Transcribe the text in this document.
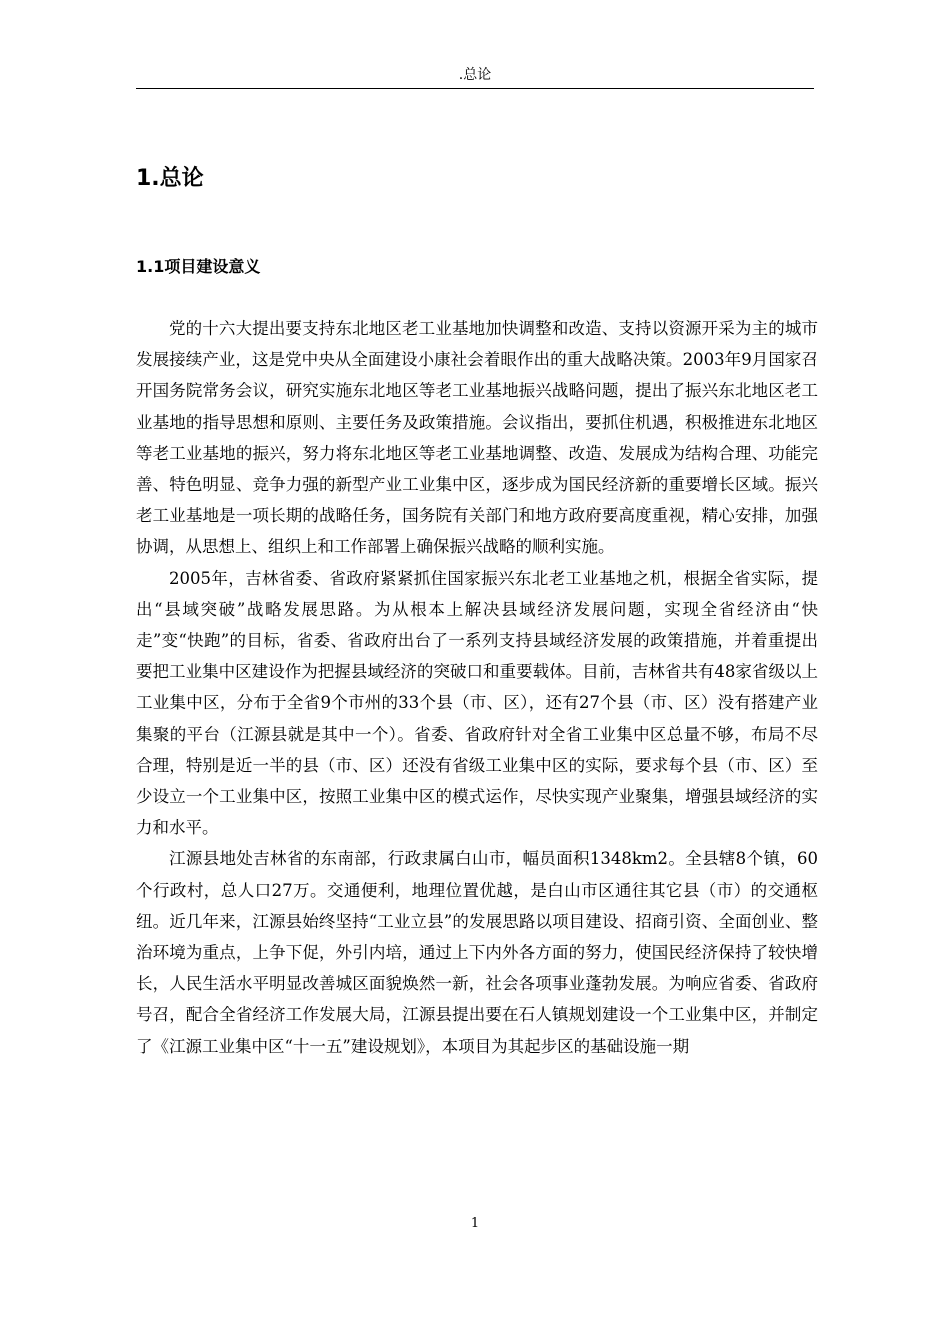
.总论
1.总论
1.1项目建设意义

党的十六大提出要支持东北地区老工业基地加快调整和改造、支持以资源开采为主的城市发展接续产业，这是党中央从全面建设小康社会着眼作出的重大战略决策。2003年9月国家召开国务院常务会议，研究实施东北地区等老工业基地振兴战略问题，提出了振兴东北地区老工业基地的指导思想和原则、主要任务及政策措施。会议指出，要抓住机遇，积极推进东北地区等老工业基地的振兴，努力将东北地区等老工业基地调整、改造、发展成为结构合理、功能完善、特色明显、竞争力强的新型产业工业集中区，逐步成为国民经济新的重要增长区域。振兴老工业基地是一项长期的战略任务，国务院有关部门和地方政府要高度重视，精心安排，加强协调，从思想上、组织上和工作部署上确保振兴战略的顺利实施。

2005年，吉林省委、省政府紧紧抓住国家振兴东北老工业基地之机，根据全省实际，提出“县域突破”战略发展思路。为从根本上解决县域经济发展问题，实现全省经济由“快走”变“快跑”的目标，省委、省政府出台了一系列支持县域经济发展的政策措施，并着重提出要把工业集中区建设作为把握县域经济的突破口和重要载体。目前，吉林省共有48家省级以上工业集中区，分布于全省9个市州的33个县（市、区），还有27个县（市、区）没有搭建产业集聚的平台（江源县就是其中一个）。省委、省政府针对全省工业集中区总量不够，布局不尽合理，特别是近一半的县（市、区）还没有省级工业集中区的实际，要求每个县（市、区）至少设立一个工业集中区，按照工业集中区的模式运作，尽快实现产业聚集，增强县域经济的实力和水平。

江源县地处吉林省的东南部，行政隶属白山市，幅员面积1348km2。全县辖8个镇，60个行政村，总人口27万。交通便利，地理位置优越，是白山市区通往其它县（市）的交通枢纽。近几年来，江源县始终坚持“工业立县”的发展思路以项目建设、招商引资、全面创业、整治环境为重点，上争下促，外引内培，通过上下内外各方面的努力，使国民经济保持了较快增长，人民生活水平明显改善城区面貌焕然一新，社会各项事业蓬勃发展。为响应省委、省政府号召，配合全省经济工作发展大局，江源县提出要在石人镇规划建设一个工业集中区，并制定了《江源工业集中区“十一五”建设规划》，本项目为其起步区的基础设施一期

1
